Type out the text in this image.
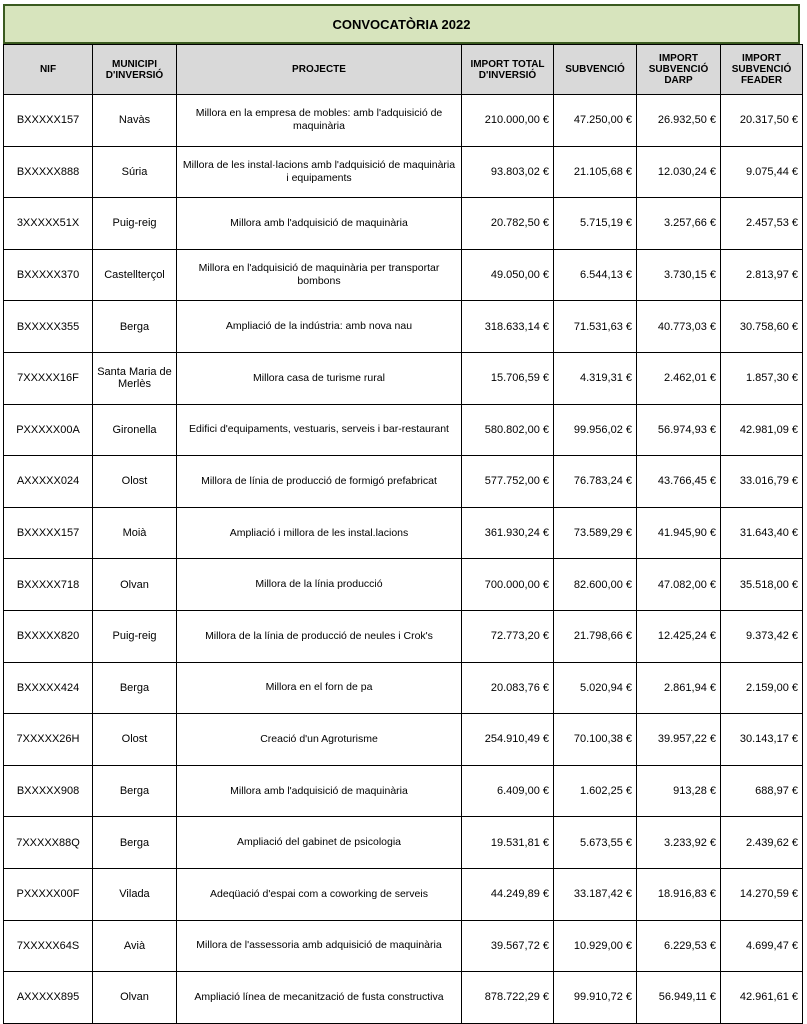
CONVOCATÒRIA 2022
NIF	MUNICIPI D'INVERSIÓ	PROJECTE	IMPORT TOTAL D'INVERSIÓ	SUBVENCIÓ	IMPORT SUBVENCIÓ DARP	IMPORT SUBVENCIÓ FEADER
BXXXXX157	Navàs	Millora en la empresa de mobles: amb l'adquisició de maquinària	210.000,00 €	47.250,00 €	26.932,50 €	20.317,50 €
BXXXXX888	Súria	Millora de les instal·lacions amb l'adquisició de maquinària i equipaments	93.803,02 €	21.105,68 €	12.030,24 €	9.075,44 €
3XXXXX51X	Puig-reig	Millora amb l'adquisició de maquinària	20.782,50 €	5.715,19 €	3.257,66 €	2.457,53 €
BXXXXX370	Castellterçol	Millora en l'adquisició de maquinària per transportar bombons	49.050,00 €	6.544,13 €	3.730,15 €	2.813,97 €
BXXXXX355	Berga	Ampliació de la indústria: amb nova nau	318.633,14 €	71.531,63 €	40.773,03 €	30.758,60 €
7XXXXX16F	Santa Maria de Merlès	Millora casa de turisme rural	15.706,59 €	4.319,31 €	2.462,01 €	1.857,30 €
PXXXXX00A	Gironella	Edifici d'equipaments, vestuaris, serveis i bar-restaurant	580.802,00 €	99.956,02 €	56.974,93 €	42.981,09 €
AXXXXX024	Olost	Millora de línia de producció de formigó prefabricat	577.752,00 €	76.783,24 €	43.766,45 €	33.016,79 €
BXXXXX157	Moià	Ampliació i millora de les instal.lacions	361.930,24 €	73.589,29 €	41.945,90 €	31.643,40 €
BXXXXX718	Olvan	Millora de la línia producció	700.000,00 €	82.600,00 €	47.082,00 €	35.518,00 €
BXXXXX820	Puig-reig	Millora de la línia de producció de neules i Crok's	72.773,20 €	21.798,66 €	12.425,24 €	9.373,42 €
BXXXXX424	Berga	Millora en el forn de pa	20.083,76 €	5.020,94 €	2.861,94 €	2.159,00 €
7XXXXX26H	Olost	Creació d'un Agroturisme	254.910,49 €	70.100,38 €	39.957,22 €	30.143,17 €
BXXXXX908	Berga	Millora amb l'adquisició de maquinària	6.409,00 €	1.602,25 €	913,28 €	688,97 €
7XXXXX88Q	Berga	Ampliació del gabinet de psicologia	19.531,81 €	5.673,55 €	3.233,92 €	2.439,62 €
PXXXXX00F	Vilada	Adeqüació d'espai com a coworking de serveis	44.249,89 €	33.187,42 €	18.916,83 €	14.270,59 €
7XXXXX64S	Avià	Millora de l'assessoria amb adquisició de maquinària	39.567,72 €	10.929,00 €	6.229,53 €	4.699,47 €
AXXXXX895	Olvan	Ampliació línea de mecanització de fusta constructiva	878.722,29 €	99.910,72 €	56.949,11 €	42.961,61 €
